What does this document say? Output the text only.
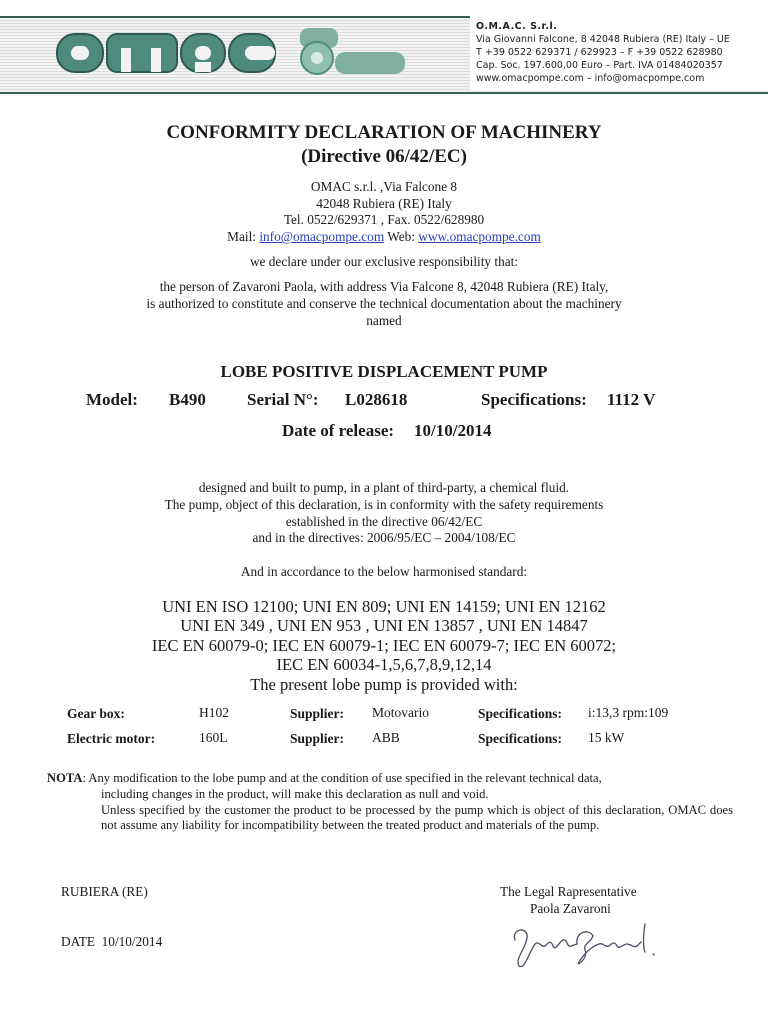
O.M.A.C. S.r.l.
Via Giovanni Falcone, 8 42048 Rubiera (RE) Italy – UE
T +39 0522 629371 / 629923 – F +39 0522 628980
Cap. Soc. 197.600,00 Euro – Part. IVA 01484020357
www.omacpompe.com – info@omacpompe.com
CONFORMITY DECLARATION OF MACHINERY
(Directive 06/42/EC)
OMAC s.r.l. ,Via Falcone 8
42048 Rubiera (RE) Italy
Tel. 0522/629371 , Fax. 0522/628980
Mail: info@omacpompe.com Web: www.omacpompe.com
we declare under our exclusive responsibility that:
the person of Zavaroni Paola, with address Via Falcone 8, 42048 Rubiera (RE) Italy,
is authorized to constitute and conserve the technical documentation about the machinery
named
LOBE POSITIVE DISPLACEMENT PUMP
Model: B490 Serial N°: L028618	Specifications: 1112 V
Date of release: 10/10/2014
designed and built to pump, in a plant of third-party, a chemical fluid.
The pump, object of this declaration, is in conformity with the safety requirements
established in the directive 06/42/EC
and in the directives: 2006/95/EC – 2004/108/EC
And in accordance to the below harmonised standard:
UNI EN ISO 12100; UNI EN 809; UNI EN 14159; UNI EN 12162
UNI EN 349 , UNI EN 953 , UNI EN 13857 , UNI EN 14847
IEC EN 60079-0; IEC EN 60079-1; IEC EN 60079-7; IEC EN 60072;
IEC EN 60034-1,5,6,7,8,9,12,14
The present lobe pump is provided with:
Gear box:	H102	Supplier: Motovario	Specifications: i:13,3 rpm:109
Electric motor:	160L	Supplier: ABB	Specifications: 15 kW
NOTA: Any modification to the lobe pump and at the condition of use specified in the relevant technical data,
including changes in the product, will make this declaration as null and void.
Unless specified by the customer the product to be processed by the pump which is object of this declaration, OMAC does not assume any liability for incompatibility between the treated product and materials of the pump.
RUBIERA (RE)
DATE 10/10/2014
The Legal Rapresentative
Paola Zavaroni
